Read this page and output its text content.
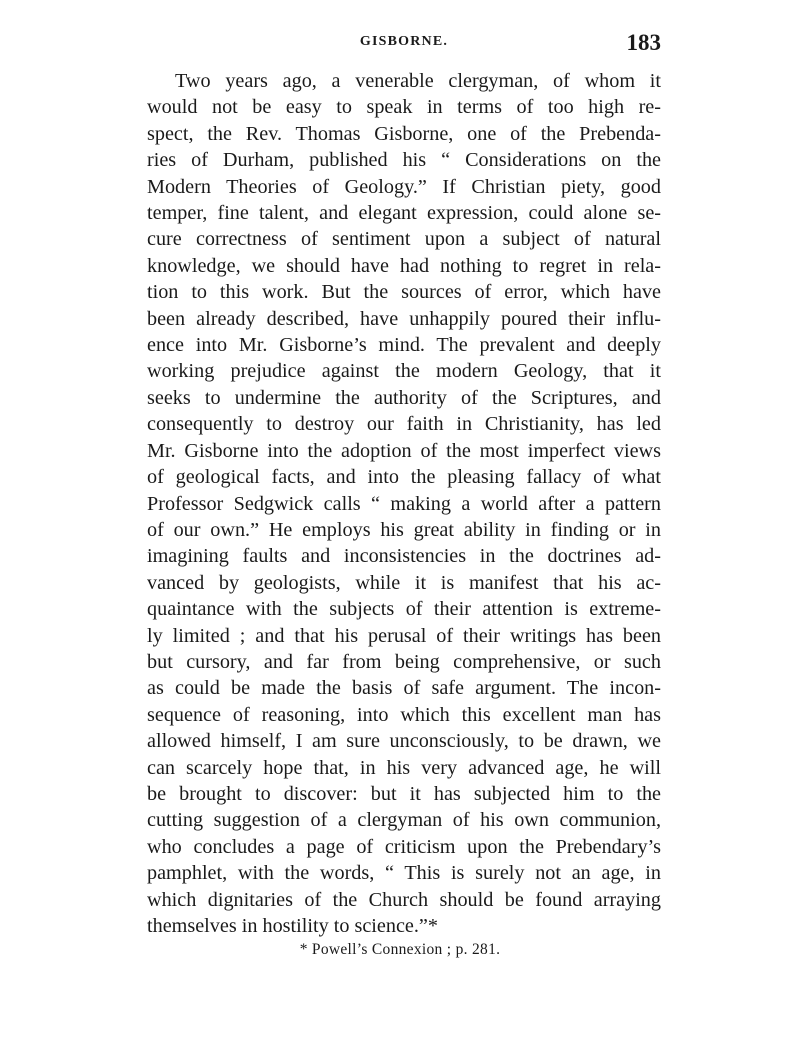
GISBORNE.	183

Two years ago, a venerable clergyman, of whom it
would not be easy to speak in terms of too high re-
spect, the Rev. Thomas Gisborne, one of the Prebenda-
ries of Durham, published his “ Considerations on the
Modern Theories of Geology.” If Christian piety, good
temper, fine talent, and elegant expression, could alone se-
cure correctness of sentiment upon a subject of natural
knowledge, we should have had nothing to regret in rela-
tion to this work. But the sources of error, which have
been already described, have unhappily poured their influ-
ence into Mr. Gisborne’s mind. The prevalent and deeply
working prejudice against the modern Geology, that it
seeks to undermine the authority of the Scriptures, and
consequently to destroy our faith in Christianity, has led
Mr. Gisborne into the adoption of the most imperfect views
of geological facts, and into the pleasing fallacy of what
Professor Sedgwick calls “ making a world after a pattern
of our own.” He employs his great ability in finding or in
imagining faults and inconsistencies in the doctrines ad-
vanced by geologists, while it is manifest that his ac-
quaintance with the subjects of their attention is extreme-
ly limited ; and that his perusal of their writings has been
but cursory, and far from being comprehensive, or such
as could be made the basis of safe argument. The incon-
sequence of reasoning, into which this excellent man has
allowed himself, I am sure unconsciously, to be drawn, we
can scarcely hope that, in his very advanced age, he will
be brought to discover: but it has subjected him to the
cutting suggestion of a clergyman of his own communion,
who concludes a page of criticism upon the Prebendary’s
pamphlet, with the words, “ This is surely not an age, in
which dignitaries of the Church should be found arraying
themselves in hostility to science.”*

* Powell’s Connexion ; p. 281.
